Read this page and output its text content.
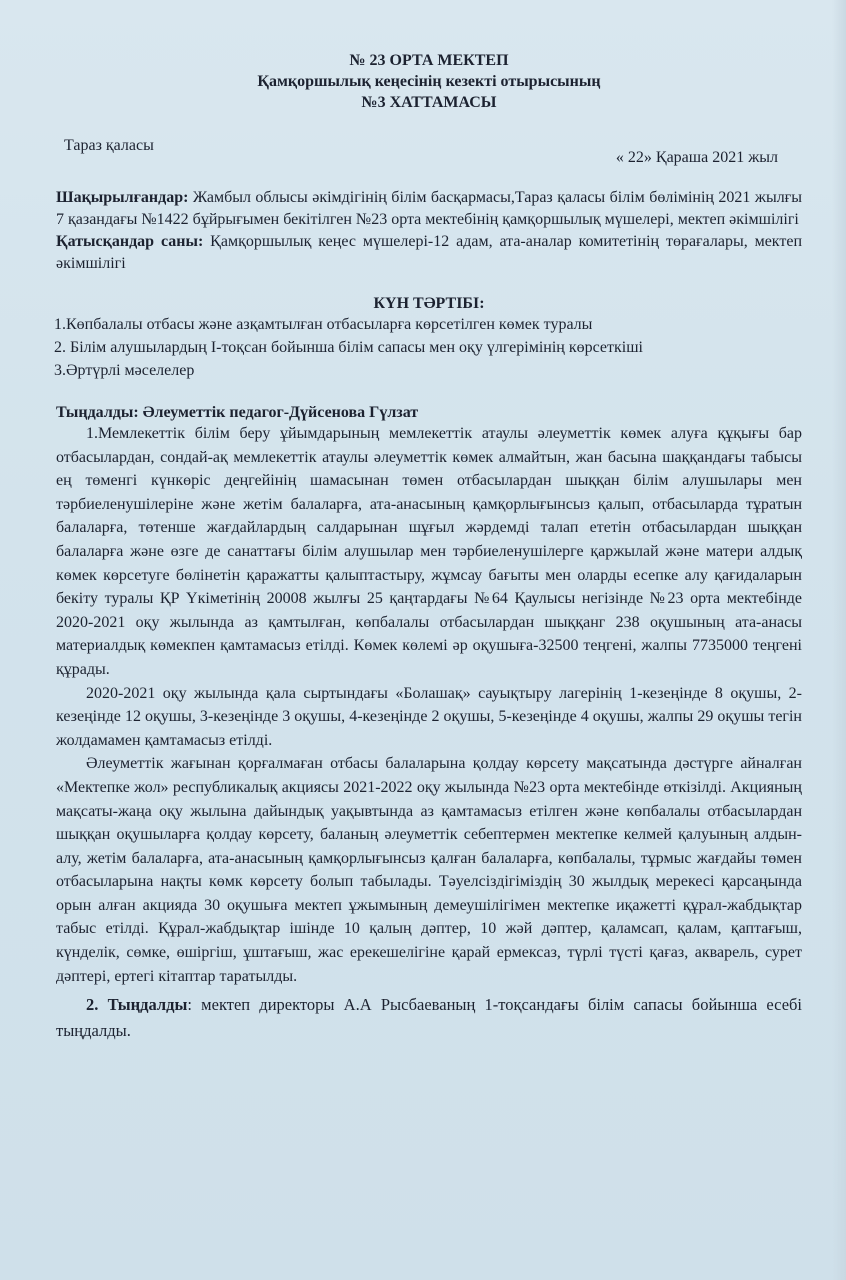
№ 23 ОРТА МЕКТЕП
Қамқоршылық кеңесінің кезекті отырысының
№3 ХАТТАМАСЫ
Тараз қаласы
« 22» Қараша 2021 жыл

Шақырылғандар: Жамбыл облысы әкімдігінің білім басқармасы,Тараз қаласы білім бөлімінің 2021 жылғы 7 қазандағы №1422 бұйрығымен бекітілген №23 орта мектебінің қамқоршылық мүшелері, мектеп әкімшілігі

Қатысқандар саны: Қамқоршылық кеңес мүшелері-12 адам, ата-аналар комитетінің төрағалары, мектеп әкімшілігі

КҮН ТӘРТІБІ:

1.Көпбалалы отбасы және азқамтылған отбасыларға көрсетілген көмек туралы

2. Білім алушылардың І-тоқсан бойынша білім сапасы мен оқу үлгерімінің көрсеткіші

3.Әртүрлі мәселелер

Тыңдалды: Әлеуметтік педагог-Дүйсенова Гүлзат

1.Мемлекеттік білім беру ұйымдарының мемлекеттік атаулы әлеуметтік көмек алуға құқығы бар отбасылардан, сондай-ақ мемлекеттік атаулы әлеуметтік көмек алмайтын, жан басына шаққандағы табысы ең төменгі күнкөріс деңгейінің шамасынан төмен отбасылардан шыққан білім алушылары мен тәрбиеленушілеріне және жетім балаларға, ата-анасының қамқорлығынсыз қалып, отбасыларда тұратын балаларға, төтенше жағдайлардың салдарынан шұғыл жәрдемді талап ететін отбасылардан шыққан балаларға және өзге де санаттағы білім алушылар мен тәрбиеленушілерге қаржылай және матери алдық көмек көрсетуге бөлінетін қаражатты қалыптастыру, жұмсау бағыты мен оларды есепке алу қағидаларын бекіту туралы ҚР Үкіметінің 20008 жылғы 25 қаңтардағы №64 Қаулысы негізінде №23 орта мектебінде 2020-2021 оқу жылында аз қамтылған, көпбалалы отбасылардан шыққанг 238 оқушының ата-анасы материалдық көмекпен қамтамасыз етілді. Көмек көлемі әр оқушыға-32500 теңгені, жалпы 7735000 теңгені құрады.

2020-2021 оқу жылында қала сыртындағы «Болашақ» сауықтыру лагерінің 1-кезеңінде 8 оқушы, 2-кезеңінде 12 оқушы, 3-кезеңінде 3 оқушы, 4-кезеңінде 2 оқушы, 5-кезеңінде 4 оқушы, жалпы 29 оқушы тегін жолдамамен қамтамасыз етілді.

Әлеуметтік жағынан қорғалмаған отбасы балаларына қолдау көрсету мақсатында дәстүрге айналған «Мектепке жол» республикалық акциясы 2021-2022 оқу жылында №23 орта мектебінде өткізілді. Акцияның мақсаты-жаңа оқу жылына дайындық уақывтында аз қамтамасыз етілген және көпбалалы отбасылардан шыққан оқушыларға қолдау көрсету, баланың әлеуметтік себептермен мектепке келмей қалуының алдын-алу, жетім балаларға, ата-анасының қамқорлығынсыз қалған балаларға, көпбалалы, тұрмыс жағдайы төмен отбасыларына нақты көмк көрсету болып табылады. Тәуелсіздігіміздің 30 жылдық мерекесі қарсаңында орын алған акцияда 30 оқушыға мектеп ұжымының демеушілігімен мектепке иқажетті құрал-жабдықтар табыс етілді. Құрал-жабдықтар ішінде 10 қалың дәптер, 10 жәй дәптер, қаламсап, қалам, қаптағыш, күнделік, сөмке, өшіргіш, ұштағыш, жас ерекешелігіне қарай ермексаз, түрлі түсті қағаз, акварель, сурет дәптері, ертегі кітаптар таратылды.

2. Тыңдалды: мектеп директоры А.А Рысбаеваның 1-тоқсандағы білім сапасы бойынша есебі тыңдалды.
